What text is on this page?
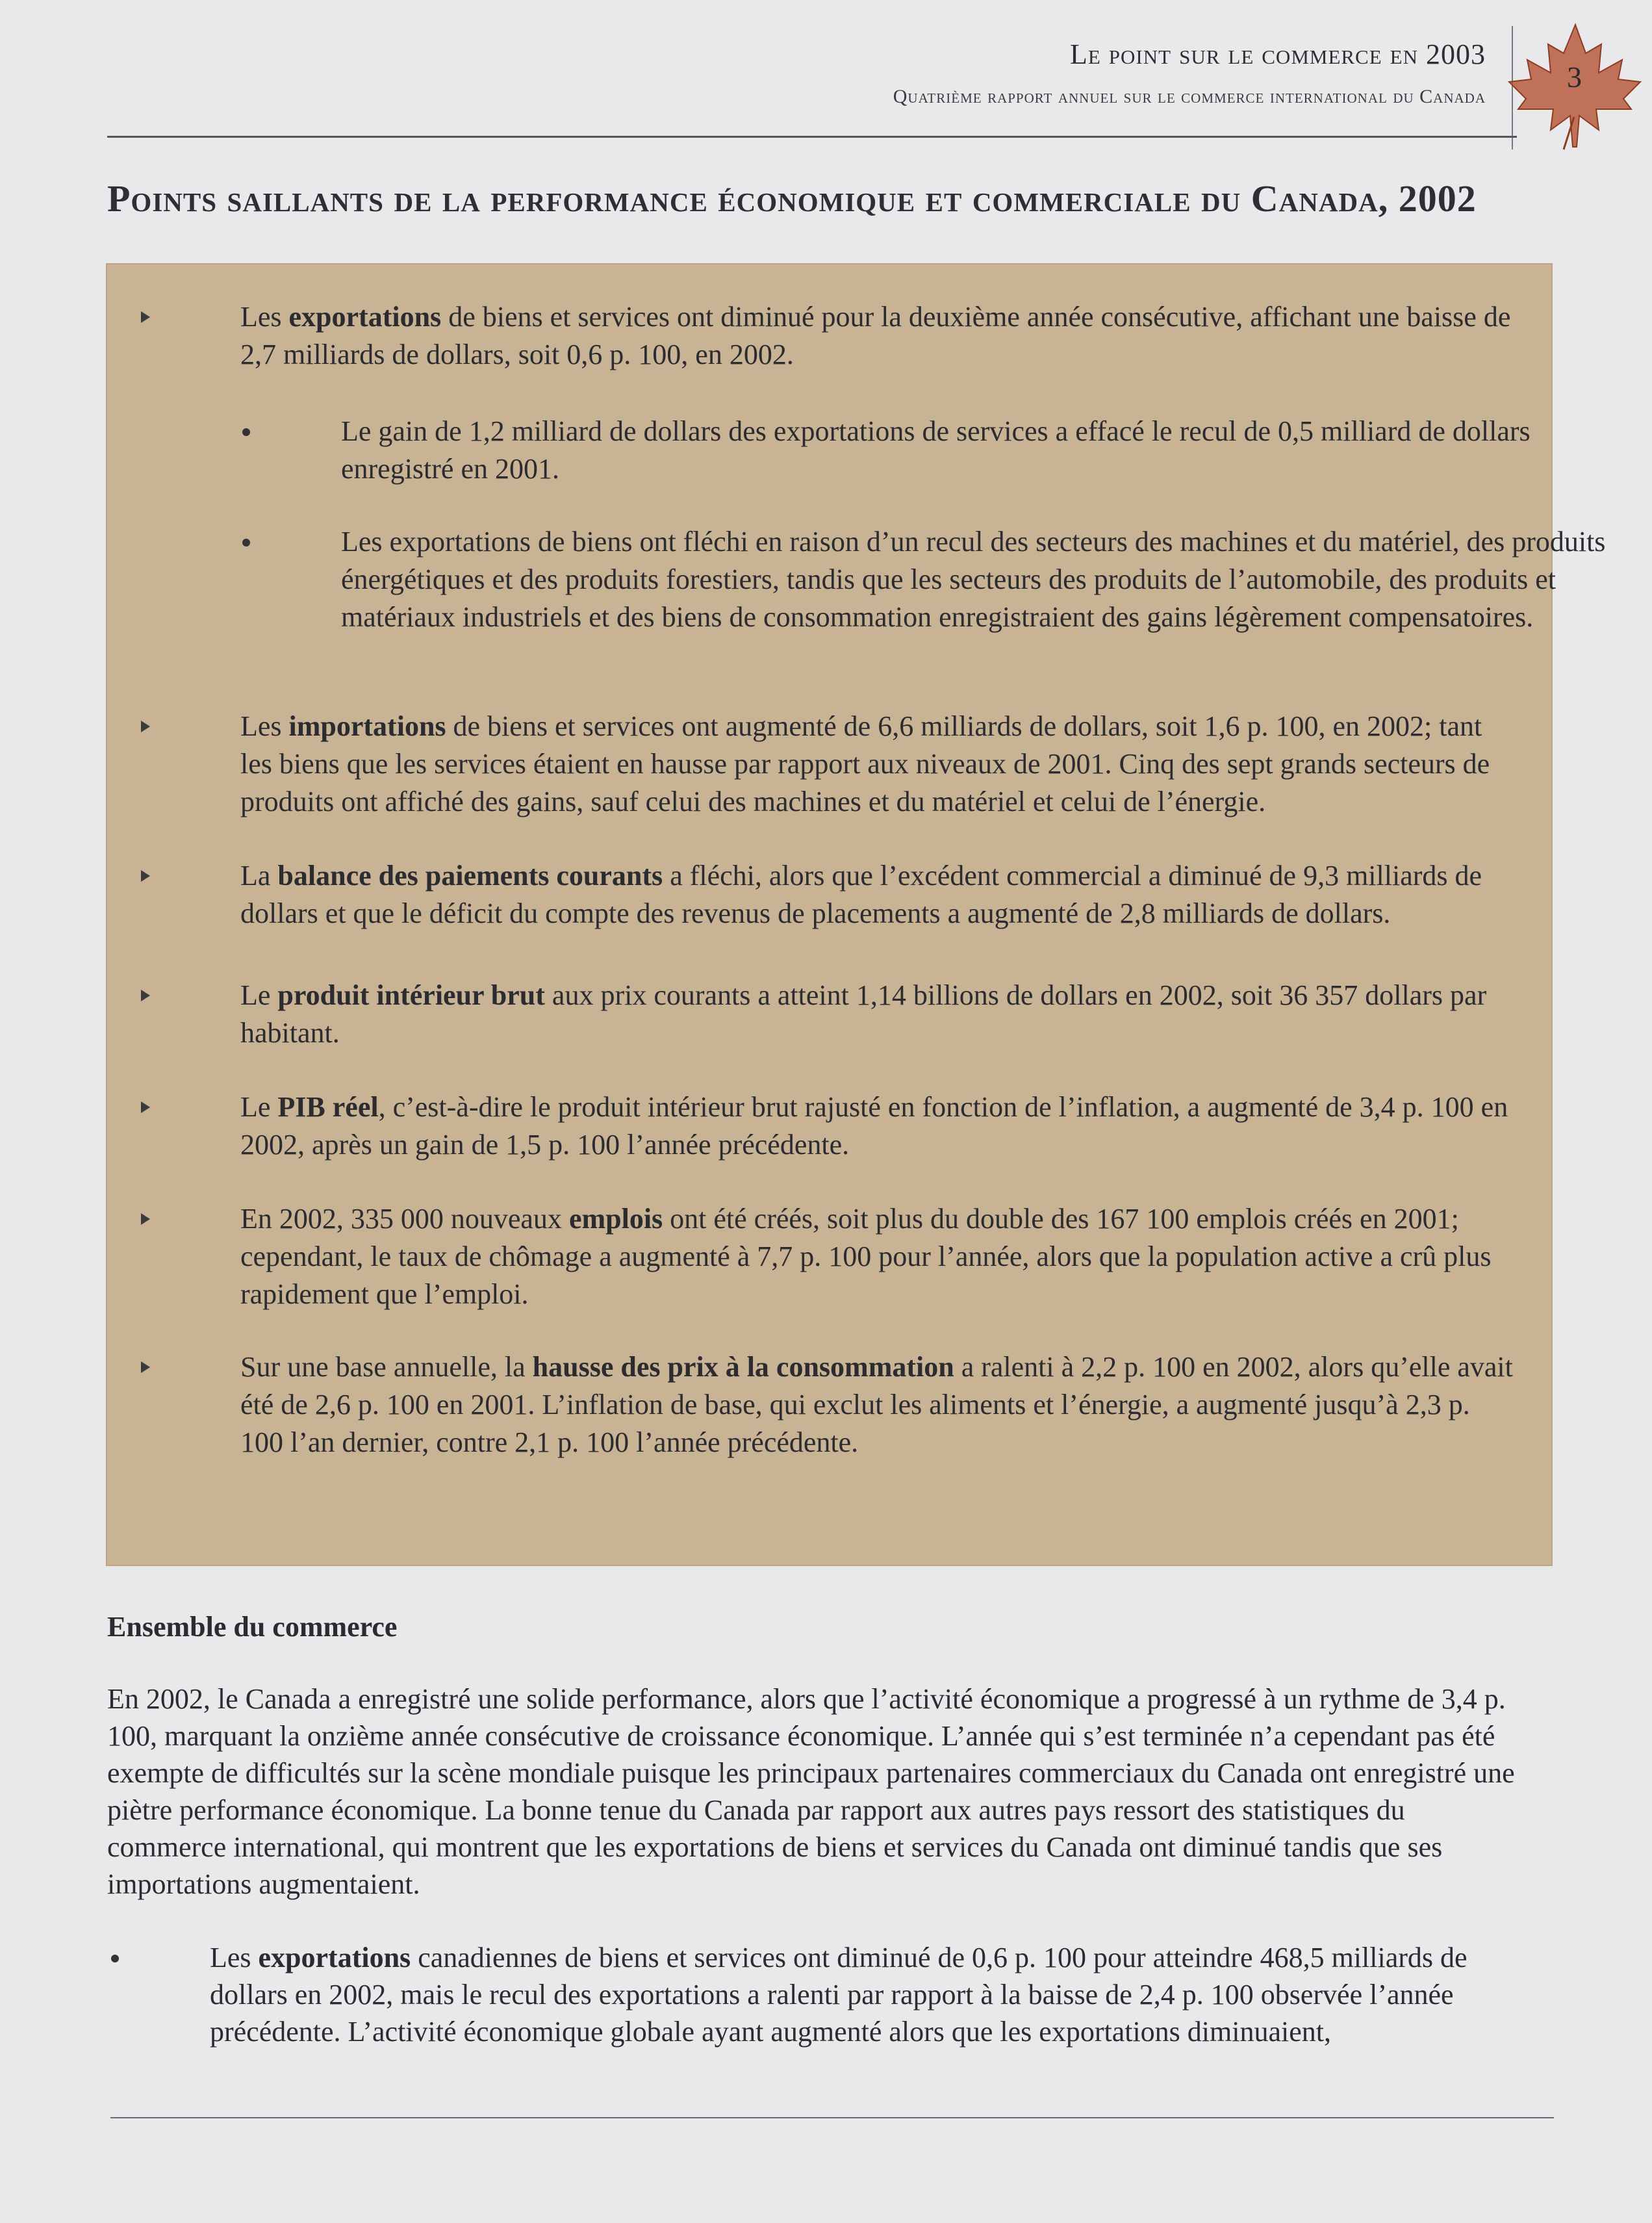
Le point sur le commerce en 2003
Quatrième rapport annuel sur le commerce international du Canada
3
Points saillants de la performance économique et commerciale du Canada, 2002
Les exportations de biens et services ont diminué pour la deuxième année consécutive, affichant une baisse de 2,7 milliards de dollars, soit 0,6 p. 100, en 2002.
Le gain de 1,2 milliard de dollars des exportations de services a effacé le recul de 0,5 milliard de dollars enregistré en 2001.
Les exportations de biens ont fléchi en raison d’un recul des secteurs des machines et du matériel, des produits énergétiques et des produits forestiers, tandis que les secteurs des produits de l’automobile, des produits et matériaux industriels et des biens de consommation enregistraient des gains légèrement compensatoires.
Les importations de biens et services ont augmenté de 6,6 milliards de dollars, soit 1,6 p. 100, en 2002; tant les biens que les services étaient en hausse par rapport aux niveaux de 2001. Cinq des sept grands secteurs de produits ont affiché des gains, sauf celui des machines et du matériel et celui de l’énergie.
La balance des paiements courants a fléchi, alors que l’excédent commercial a diminué de 9,3 milliards de dollars et que le déficit du compte des revenus de placements a augmenté de 2,8 milliards de dollars.
Le produit intérieur brut aux prix courants a atteint 1,14 billions de dollars en 2002, soit 36 357 dollars par habitant.
Le PIB réel, c’est-à-dire le produit intérieur brut rajusté en fonction de l’inflation, a augmenté de 3,4 p. 100 en 2002, après un gain de 1,5 p. 100 l’année précédente.
En 2002, 335 000 nouveaux emplois ont été créés, soit plus du double des 167 100 emplois créés en 2001; cependant, le taux de chômage a augmenté à 7,7 p. 100 pour l’année, alors que la population active a crû plus rapidement que l’emploi.
Sur une base annuelle, la hausse des prix à la consommation a ralenti à 2,2 p. 100 en 2002, alors qu’elle avait été de 2,6 p. 100 en 2001. L’inflation de base, qui exclut les aliments et l’énergie, a augmenté jusqu’à 2,3 p. 100 l’an dernier, contre 2,1 p. 100 l’année précédente.
Ensemble du commerce
En 2002, le Canada a enregistré une solide performance, alors que l’activité économique a progressé à un rythme de 3,4 p. 100, marquant la onzième année consécutive de croissance économique. L’année qui s’est terminée n’a cependant pas été exempte de difficultés sur la scène mondiale puisque les principaux partenaires commerciaux du Canada ont enregistré une piètre performance économique. La bonne tenue du Canada par rapport aux autres pays ressort des statistiques du commerce international, qui montrent que les exportations de biens et services du Canada ont diminué tandis que ses importations augmentaient.
Les exportations canadiennes de biens et services ont diminué de 0,6 p. 100 pour atteindre 468,5 milliards de dollars en 2002, mais le recul des exportations a ralenti par rapport à la baisse de 2,4 p. 100 observée l’année précédente. L’activité économique globale ayant augmenté alors que les exportations diminuaient,
